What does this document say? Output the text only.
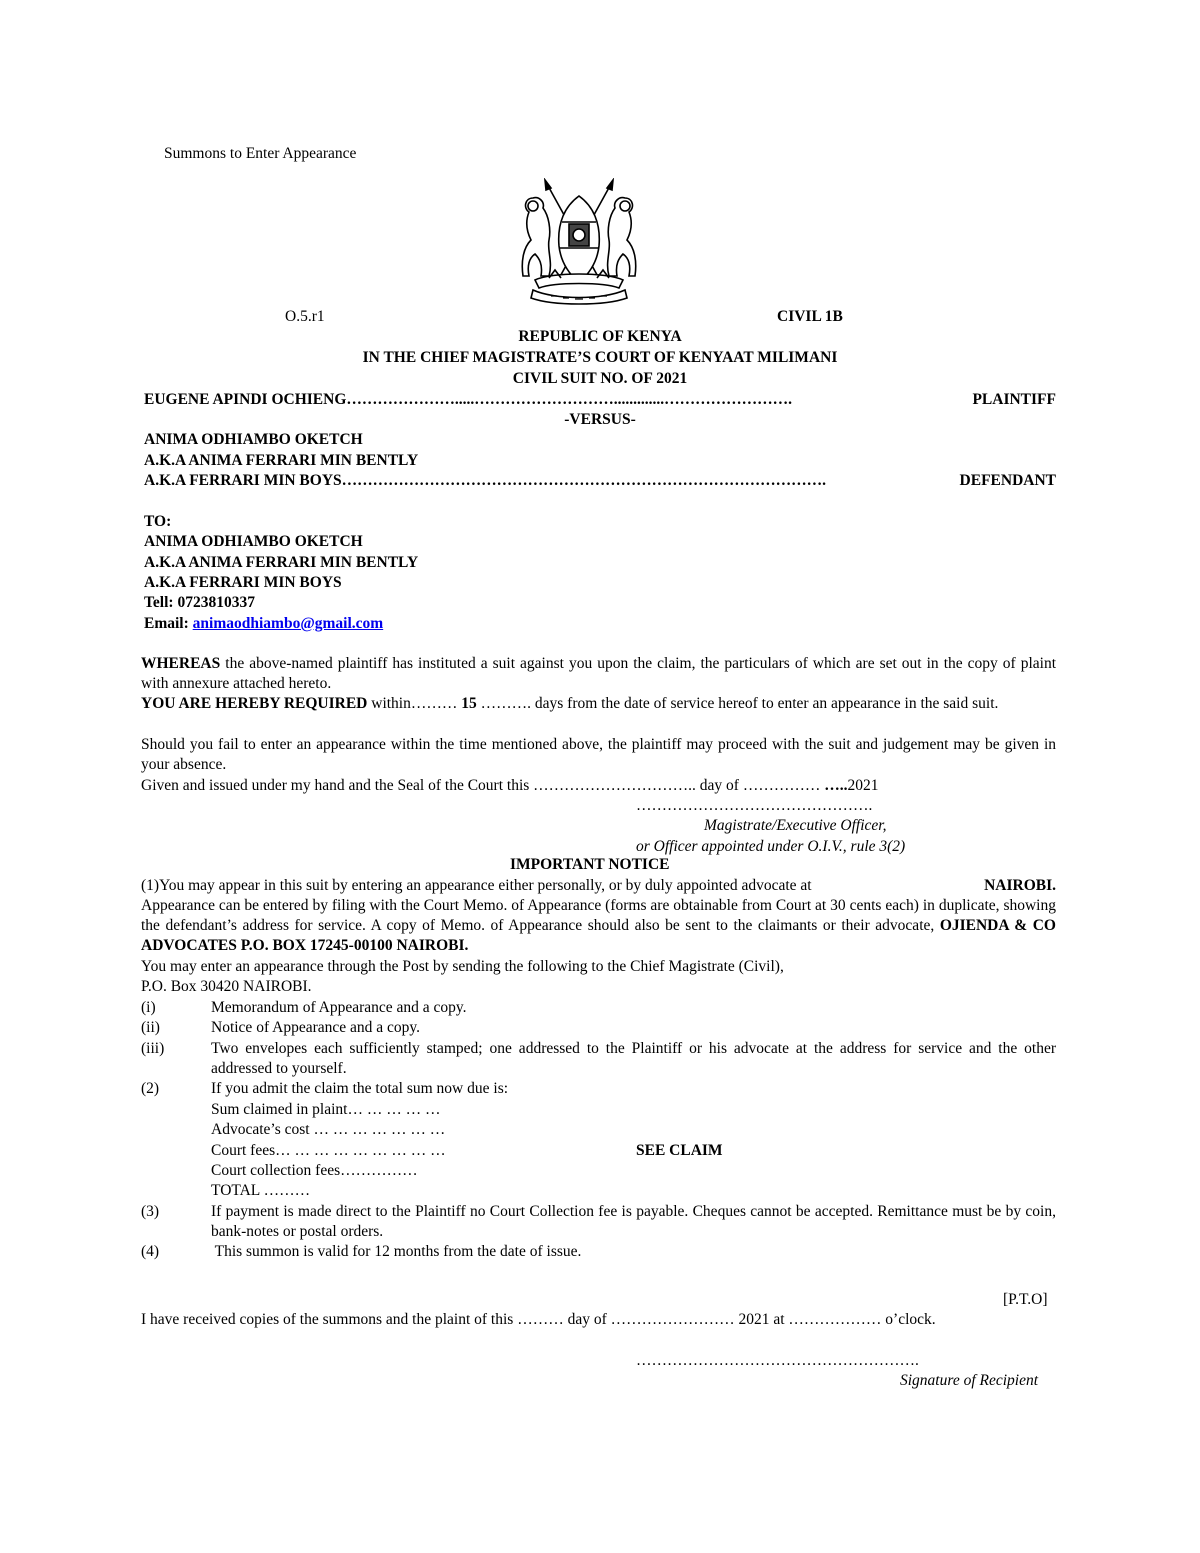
Summons to Enter Appearance
O.5.r1	CIVIL 1B
REPUBLIC OF KENYA
IN THE CHIEF MAGISTRATE’S COURT OF KENYAAT MILIMANI
CIVIL SUIT NO. OF 2021
EUGENE APINDI OCHIENG………………….....……………………….............…………………….	PLAINTIFF
-VERSUS-
ANIMA ODHIAMBO OKETCH
A.K.A ANIMA FERRARI MIN BENTLY
A.K.A FERRARI MIN BOYS………………………………………………………………………………….	DEFENDANT
TO:
ANIMA ODHIAMBO OKETCH
A.K.A ANIMA FERRARI MIN BENTLY
A.K.A FERRARI MIN BOYS
Tell: 0723810337
Email: animaodhiambo@gmail.com
WHEREAS the above-named plaintiff has instituted a suit against you upon the claim, the particulars of which are set out in the copy of plaint with annexure attached hereto.
YOU ARE HEREBY REQUIRED within……… 15 ………. days from the date of service hereof to enter an appearance in the said suit.
Should you fail to enter an appearance within the time mentioned above, the plaintiff may proceed with the suit and judgement may be given in your absence.
Given and issued under my hand and the Seal of the Court this ………………………….. day of …………… …..2021
……………………………………….
Magistrate/Executive Officer,
or Officer appointed under O.I.V., rule 3(2)
IMPORTANT NOTICE
(1)You may appear in this suit by entering an appearance either personally, or by duly appointed advocate at	NAIROBI.
Appearance can be entered by filing with the Court Memo. of Appearance (forms are obtainable from Court at 30 cents each) in duplicate, showing the defendant’s address for service. A copy of Memo. of Appearance should also be sent to the claimants or their advocate, OJIENDA & CO ADVOCATES P.O. BOX 17245-00100 NAIROBI.
You may enter an appearance through the Post by sending the following to the Chief Magistrate (Civil),
P.O. Box 30420 NAIROBI.
(i)	Memorandum of Appearance and a copy.
(ii)	Notice of Appearance and a copy.
(iii)	Two envelopes each sufficiently stamped; one addressed to the Plaintiff or his advocate at the address for service and the other addressed to yourself.
(2)	If you admit the claim the total sum now due is:
Sum claimed in plaint… … … … …
Advocate’s cost … … … … … … …
Court fees… … … … … … … … …	SEE CLAIM
Court collection fees……………
TOTAL ………
(3)	If payment is made direct to the Plaintiff no Court Collection fee is payable. Cheques cannot be accepted. Remittance must be by coin, bank-notes or postal orders.
(4)	This summon is valid for 12 months from the date of issue.
[P.T.O]
I have received copies of the summons and the plaint of this ……… day of …………………… 2021 at ……………… o’clock.
……………………………………………….
Signature of Recipient
